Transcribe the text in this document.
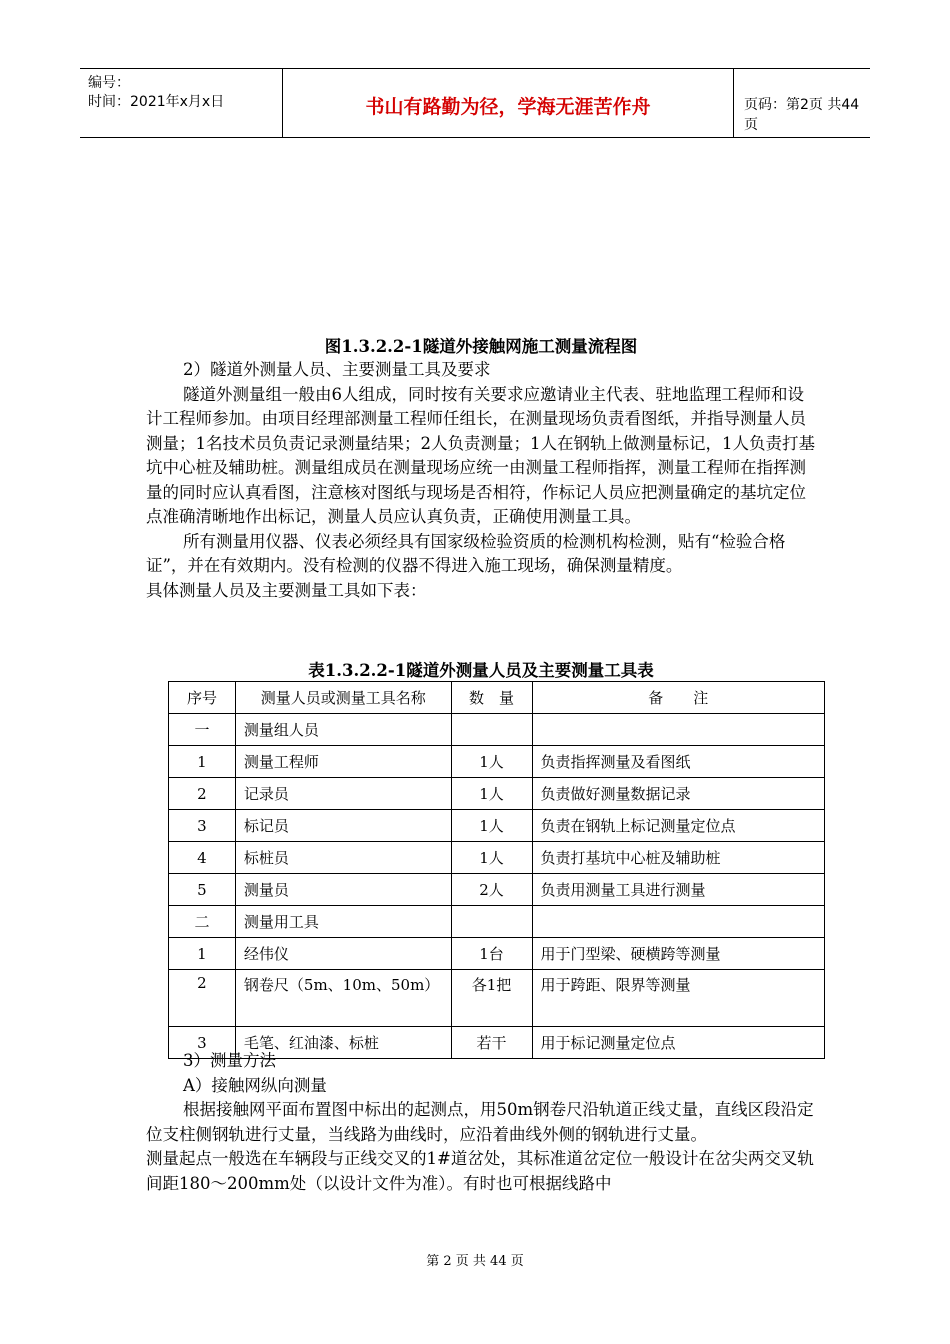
编号：
时间：2021年x月x日	书山有路勤为径，学海无涯苦作舟	页码：第2页 共44页
图1.3.2.2-1隧道外接触网施工测量流程图

2）隧道外测量人员、主要测量工具及要求

隧道外测量组一般由6人组成，同时按有关要求应邀请业主代表、驻地监理工程师和设计工程师参加。由项目经理部测量工程师任组长，在测量现场负责看图纸，并指导测量人员测量；1名技术员负责记录测量结果；2人负责测量；1人在钢轨上做测量标记，1人负责打基坑中心桩及辅助桩。测量组成员在测量现场应统一由测量工程师指挥，测量工程师在指挥测量的同时应认真看图，注意核对图纸与现场是否相符，作标记人员应把测量确定的基坑定位点准确清晰地作出标记，测量人员应认真负责，正确使用测量工具。

所有测量用仪器、仪表必须经具有国家级检验资质的检测机构检测，贴有“检验合格证”，并在有效期内。没有检测的仪器不得进入施工现场，确保测量精度。

具体测量人员及主要测量工具如下表：

表1.3.2.2-1隧道外测量人员及主要测量工具表
序号	测量人员或测量工具名称	数　量	备　　注
一	测量组人员		
1	测量工程师	1人	负责指挥测量及看图纸
2	记录员	1人	负责做好测量数据记录
3	标记员	1人	负责在钢轨上标记测量定位点
4	标桩员	1人	负责打基坑中心桩及辅助桩
5	测量员	2人	负责用测量工具进行测量
二	测量用工具		
1	经伟仪	1台	用于门型梁、硬横跨等测量
2	钢卷尺（5m、10m、50m）	各1把	用于跨距、限界等测量
3	毛笔、红油漆、标桩	若干	用于标记测量定位点

3）测量方法

A）接触网纵向测量

根据接触网平面布置图中标出的起测点，用50m钢卷尺沿轨道正线丈量，直线区段沿定位支柱侧钢轨进行丈量，当线路为曲线时，应沿着曲线外侧的钢轨进行丈量。

测量起点一般选在车辆段与正线交叉的1#道岔处，其标准道岔定位一般设计在岔尖两交叉轨间距180～200mm处（以设计文件为准）。有时也可根据线路中

第 2 页 共 44 页
